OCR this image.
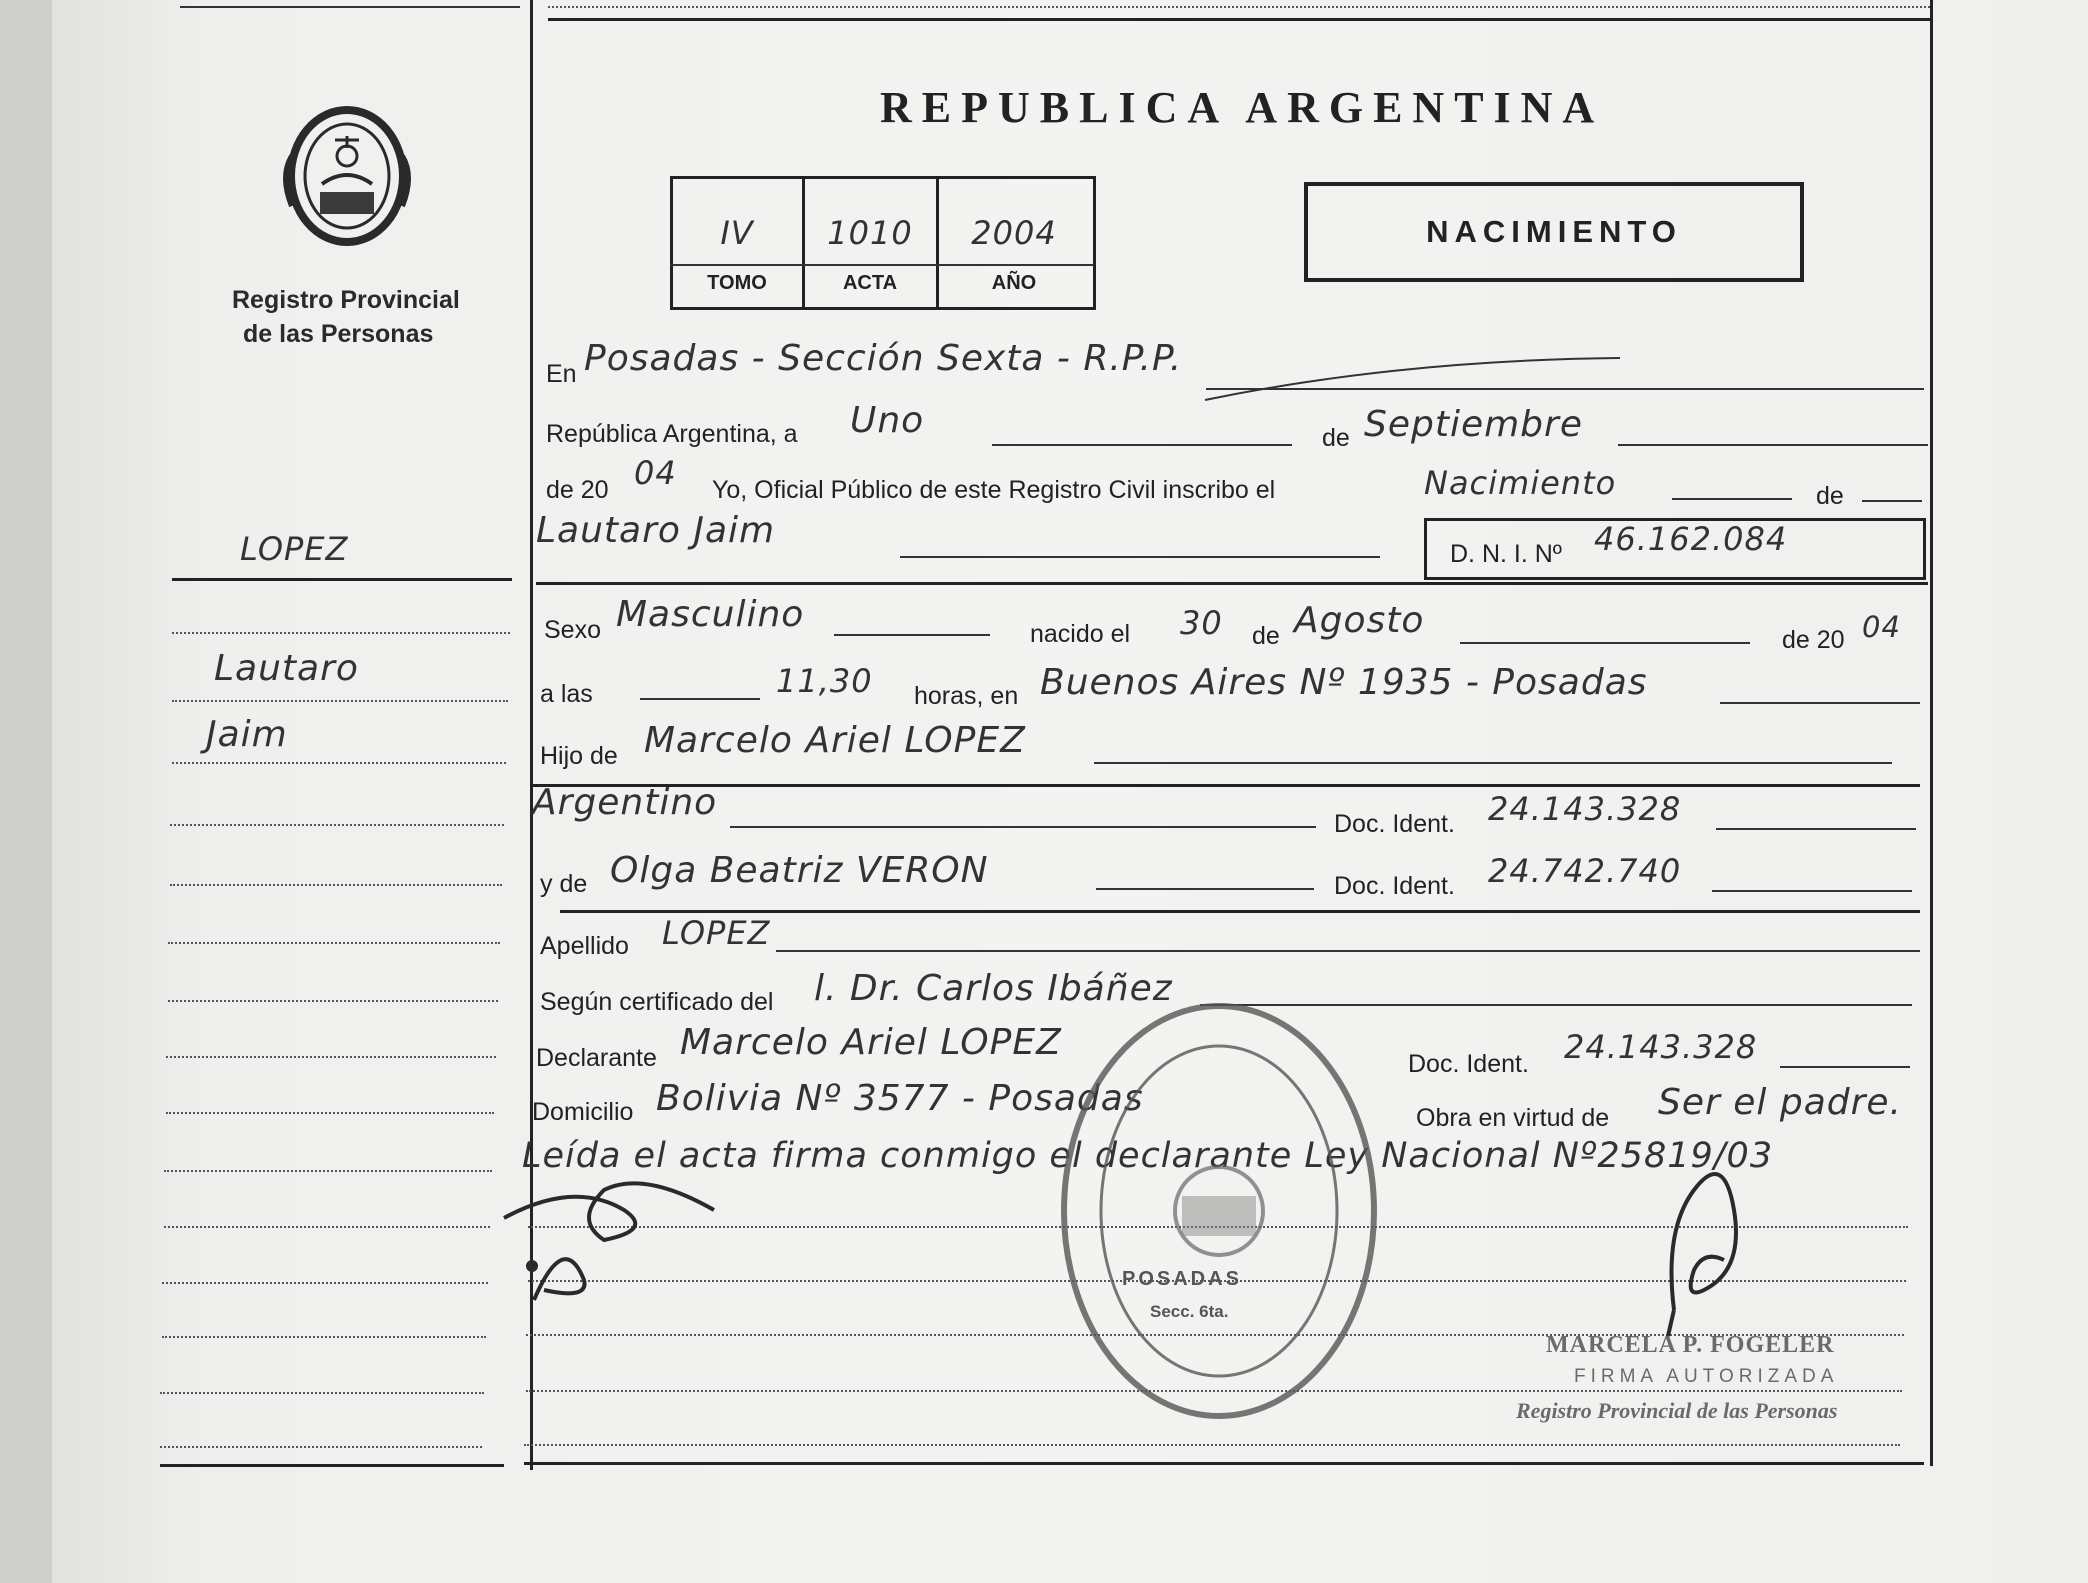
Registro Provincial
de las Personas
LOPEZ
Lautaro
Jaim
REPUBLICA ARGENTINA
IV	1010	2004
TOMO	ACTA	AÑO
NACIMIENTO
En Posadas - Sección Sexta - R.P.P.
República Argentina, a Uno	de Septiembre
de 20 04 Yo, Oficial Público de este Registro Civil inscribo el	Nacimiento	de
Lautaro Jaim
D. N. I. Nº 46.162.084
Sexo Masculino	nacido el 30 de Agosto	de 20 04
a las	11,30 horas, en Buenos Aires Nº 1935 - Posadas
Hijo de Marcelo Ariel LOPEZ
Argentino
Doc. Ident. 24.143.328
y de Olga Beatriz VERON	Doc. Ident. 24.742.740
Apellido LOPEZ
Según certificado del l. Dr. Carlos Ibáñez
Declarante Marcelo Ariel LOPEZ
Doc. Ident. 24.143.328
Domicilio Bolivia Nº 3577 - Posadas	Obra en virtud de Ser el padre.
Leída el acta firma conmigo el declarante Ley Nacional Nº25819/03
POSADAS
Secc. 6ta.
MARCELA P. FOGELER
FIRMA AUTORIZADA
Registro Provincial de las Personas
